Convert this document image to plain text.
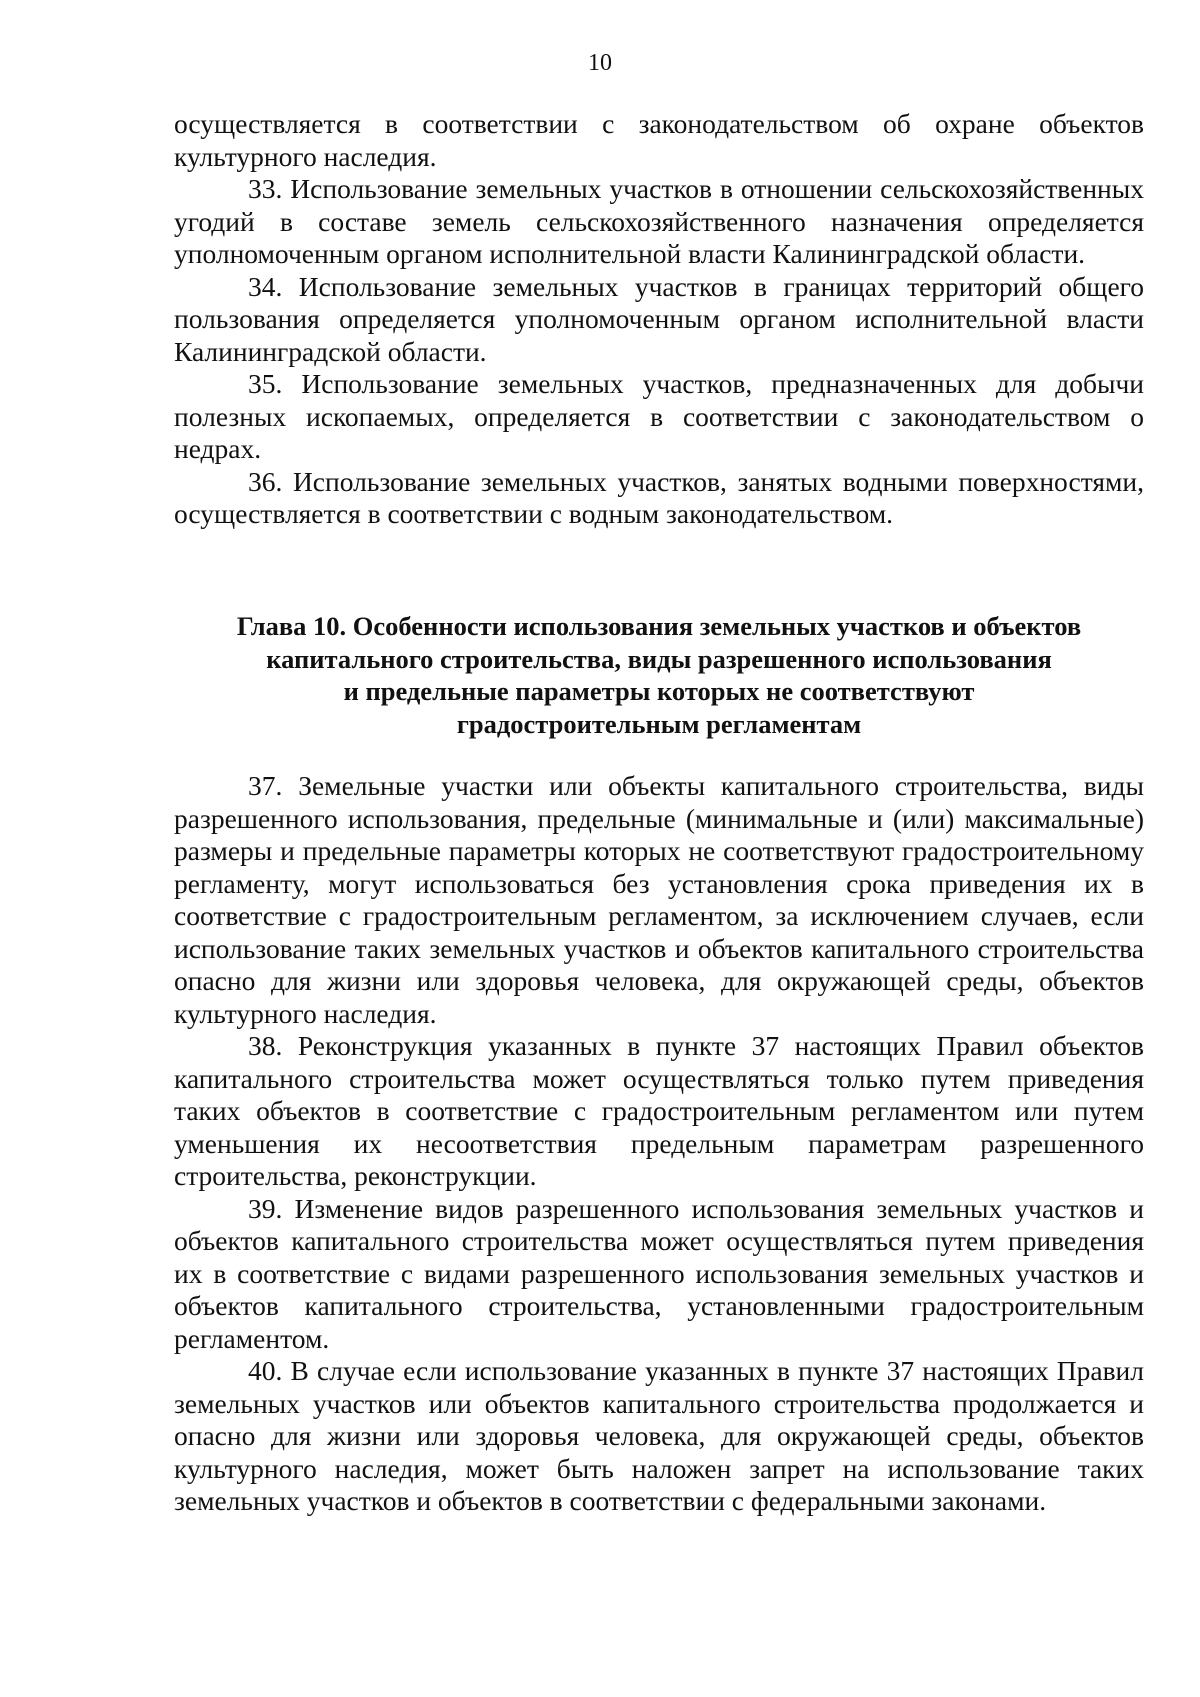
10

осуществляется в соответствии с законодательством об охране объектов культурного наследия.

33. Использование земельных участков в отношении сельскохозяйственных угодий в составе земель сельскохозяйственного назначения определяется уполномоченным органом исполнительной власти Калининградской области.

34. Использование земельных участков в границах территорий общего пользования определяется уполномоченным органом исполнительной власти Калининградской области.

35. Использование земельных участков, предназначенных для добычи полезных ископаемых, определяется в соответствии с законодательством о недрах.

36. Использование земельных участков, занятых водными поверхностями, осуществляется в соответствии с водным законодательством.

Глава 10. Особенности использования земельных участков и объектов
капитального строительства, виды разрешенного использования
и предельные параметры которых не соответствуют
градостроительным регламентам

37. Земельные участки или объекты капитального строительства, виды разрешенного использования, предельные (минимальные и (или) максимальные) размеры и предельные параметры которых не соответствуют градостроительному регламенту, могут использоваться без установления срока приведения их в соответствие с градостроительным регламентом, за исключением случаев, если использование таких земельных участков и объектов капитального строительства опасно для жизни или здоровья человека, для окружающей среды, объектов культурного наследия.

38. Реконструкция указанных в пункте 37 настоящих Правил объектов капитального строительства может осуществляться только путем приведения таких объектов в соответствие с градостроительным регламентом или путем уменьшения их несоответствия предельным параметрам разрешенного строительства, реконструкции.

39. Изменение видов разрешенного использования земельных участков и объектов капитального строительства может осуществляться путем приведения их в соответствие с видами разрешенного использования земельных участков и объектов капитального строительства, установленными градостроительным регламентом.

40. В случае если использование указанных в пункте 37 настоящих Правил земельных участков или объектов капитального строительства продолжается и опасно для жизни или здоровья человека, для окружающей среды, объектов культурного наследия, может быть наложен запрет на использование таких земельных участков и объектов в соответствии с федеральными законами.
